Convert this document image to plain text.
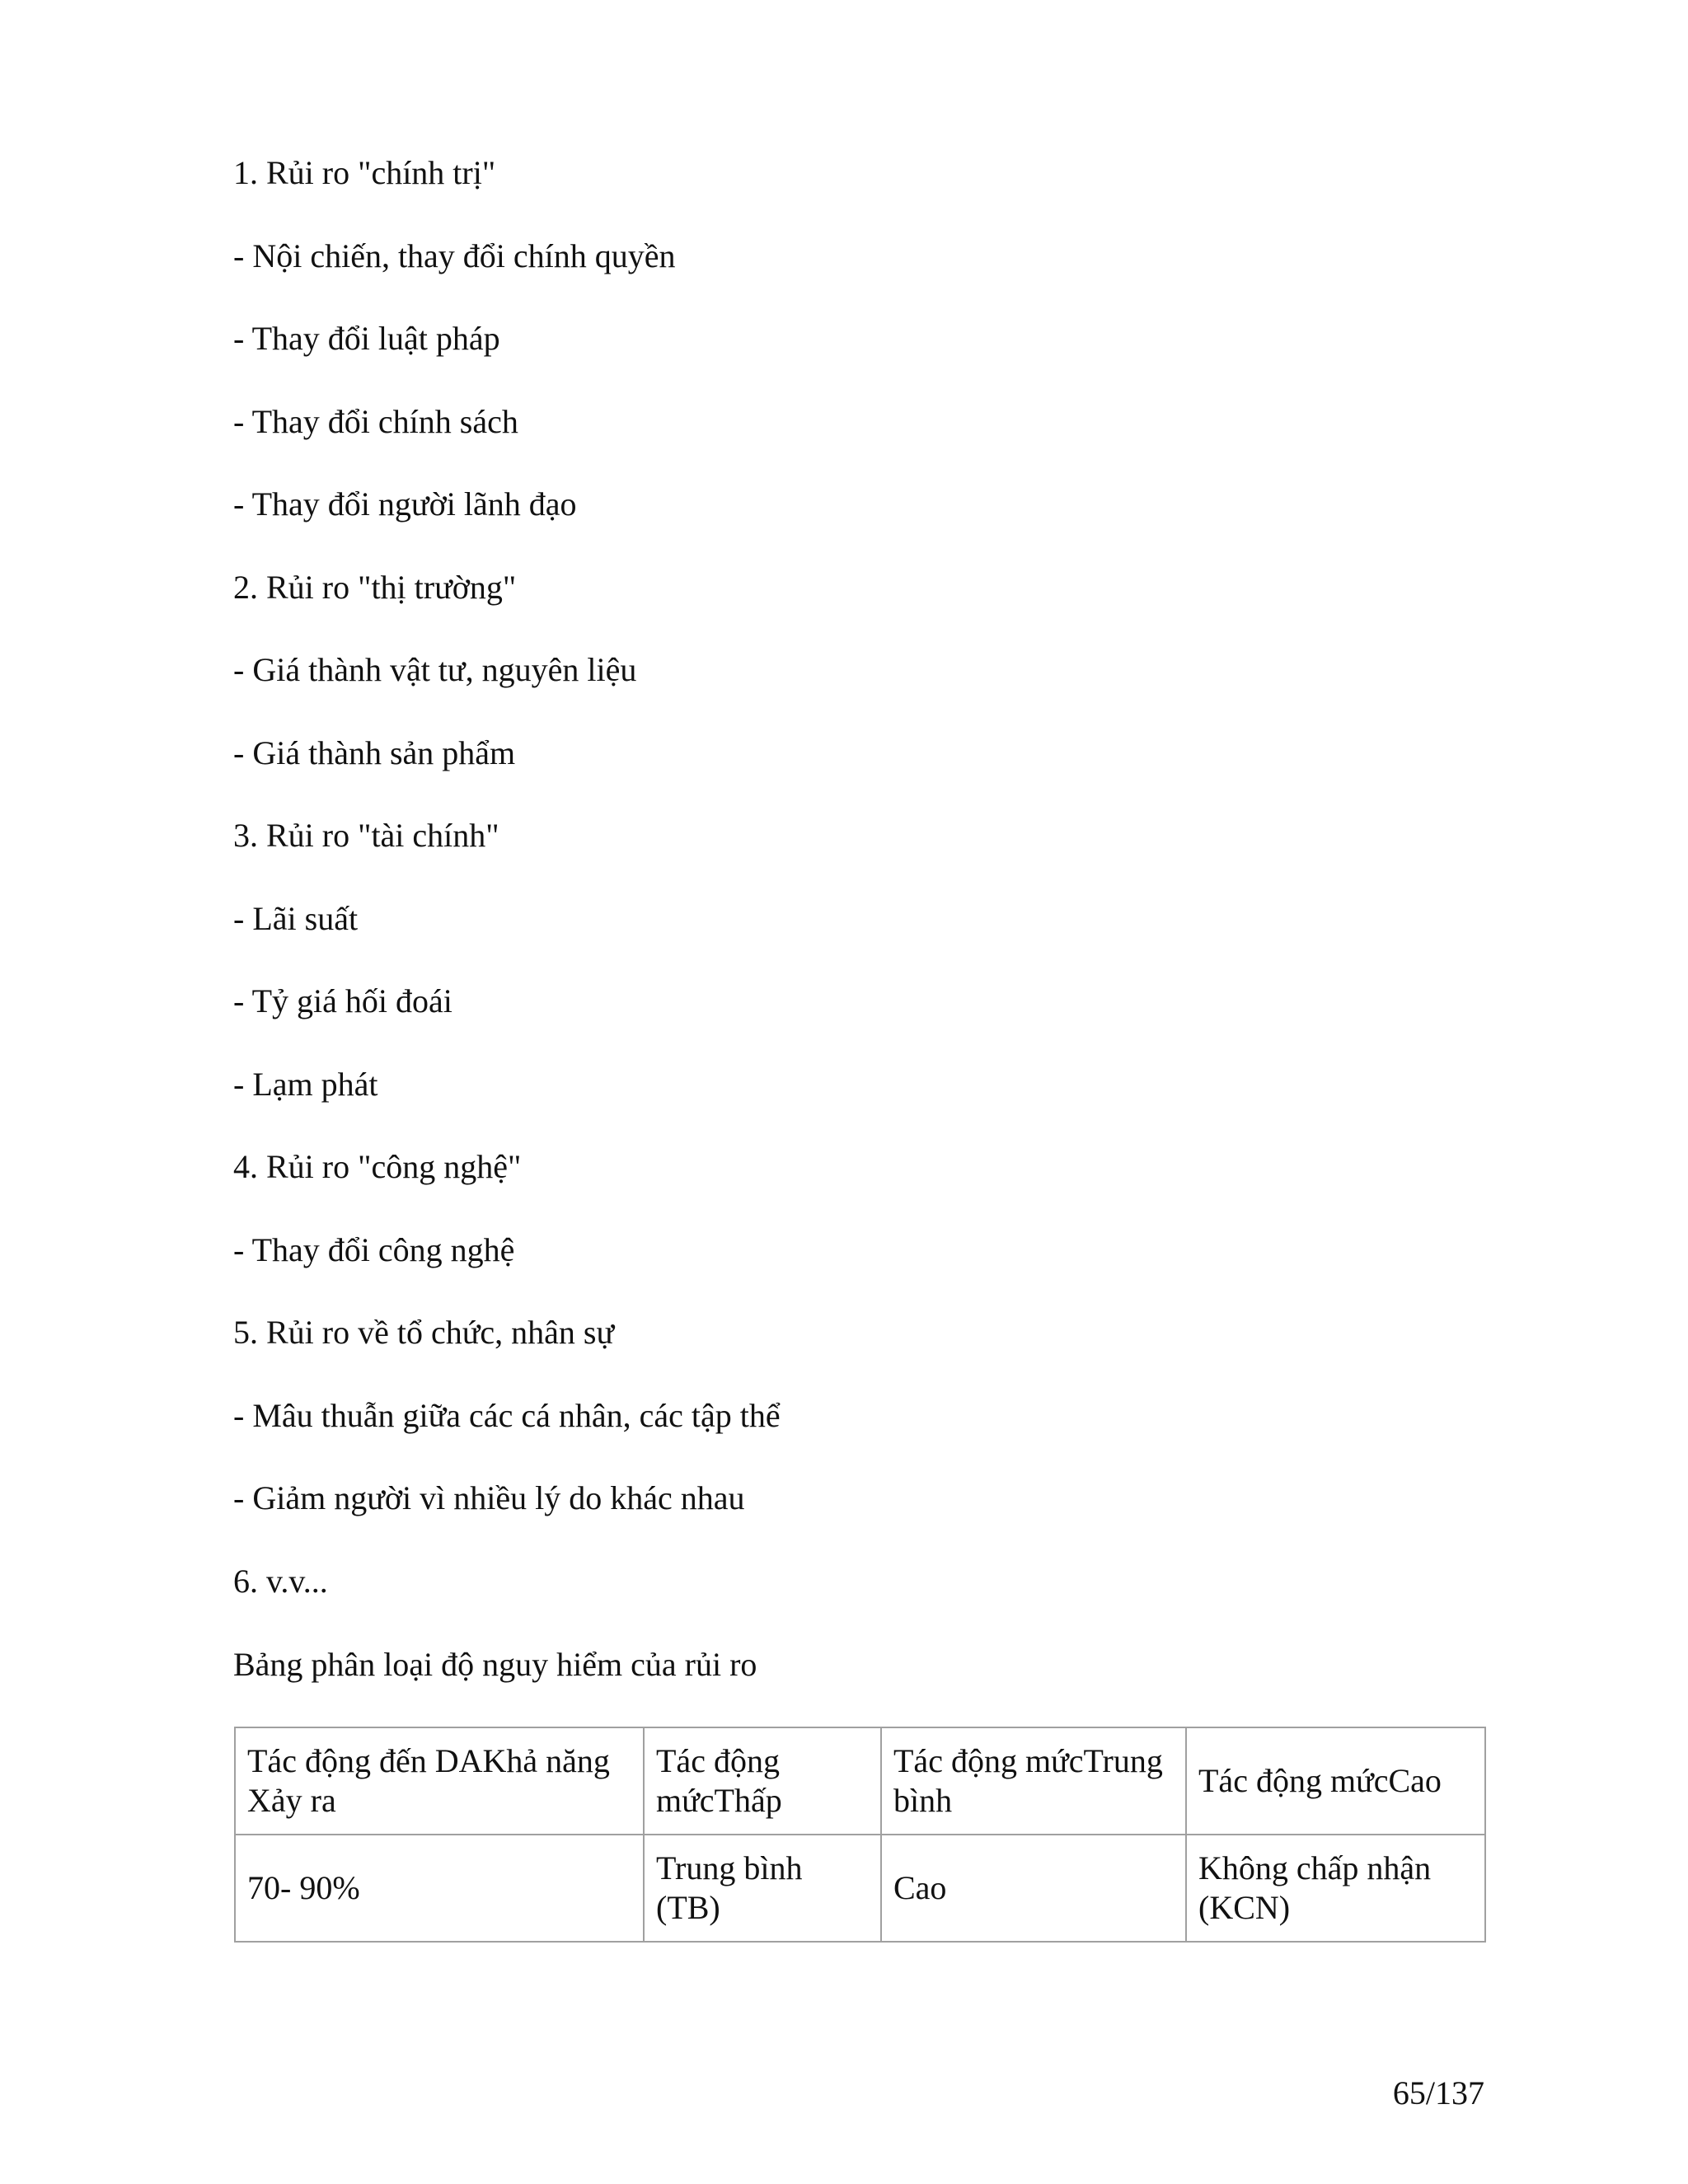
1. Rủi ro "chính trị"
- Nội chiến, thay đổi chính quyền
- Thay đổi luật pháp
- Thay đổi chính sách
- Thay đổi người lãnh đạo
2. Rủi ro "thị trường"
- Giá thành vật tư, nguyên liệu
- Giá thành sản phẩm
3. Rủi ro "tài chính"
- Lãi suất
- Tỷ giá hối đoái
- Lạm phát
4. Rủi ro "công nghệ"
- Thay đổi công nghệ
5. Rủi ro về tổ chức, nhân sự
- Mâu thuẫn giữa các cá nhân, các tập thể
- Giảm người vì nhiều lý do khác nhau
6. v.v...
Bảng phân loại độ nguy hiểm của rủi ro
Tác động đến DAKhả năng Xảy ra	Tác động mứcThấp	Tác động mứcTrung bình	Tác động mứcCao
70- 90%	Trung bình (TB)	Cao	Không chấp nhận (KCN)
65/137
